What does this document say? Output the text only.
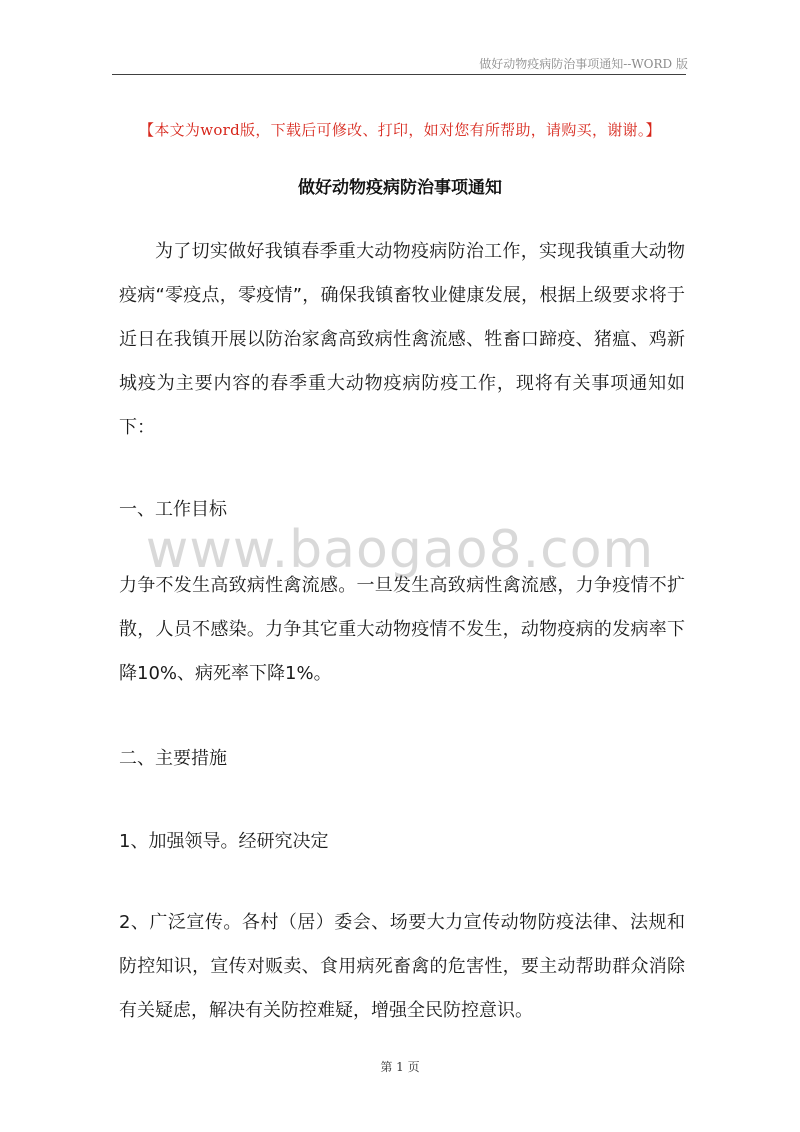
做好动物疫病防治事项通知--WORD 版
【本文为word版，下载后可修改、打印，如对您有所帮助，请购买，谢谢。】
做好动物疫病防治事项通知

为了切实做好我镇春季重大动物疫病防治工作，实现我镇重大动物疫病“零疫点，零疫情”，确保我镇畜牧业健康发展，根据上级要求将于近日在我镇开展以防治家禽高致病性禽流感、牲畜口蹄疫、猪瘟、鸡新城疫为主要内容的春季重大动物疫病防疫工作，现将有关事项通知如下：

一、工作目标

www.baogao8.com

力争不发生高致病性禽流感。一旦发生高致病性禽流感，力争疫情不扩散，人员不感染。力争其它重大动物疫情不发生，动物疫病的发病率下降10%、病死率下降1%。

二、主要措施

1、加强领导。经研究决定

2、广泛宣传。各村（居）委会、场要大力宣传动物防疫法律、法规和防控知识，宣传对贩卖、食用病死畜禽的危害性，要主动帮助群众消除有关疑虑，解决有关防控难疑，增强全民防控意识。

第 1 页
